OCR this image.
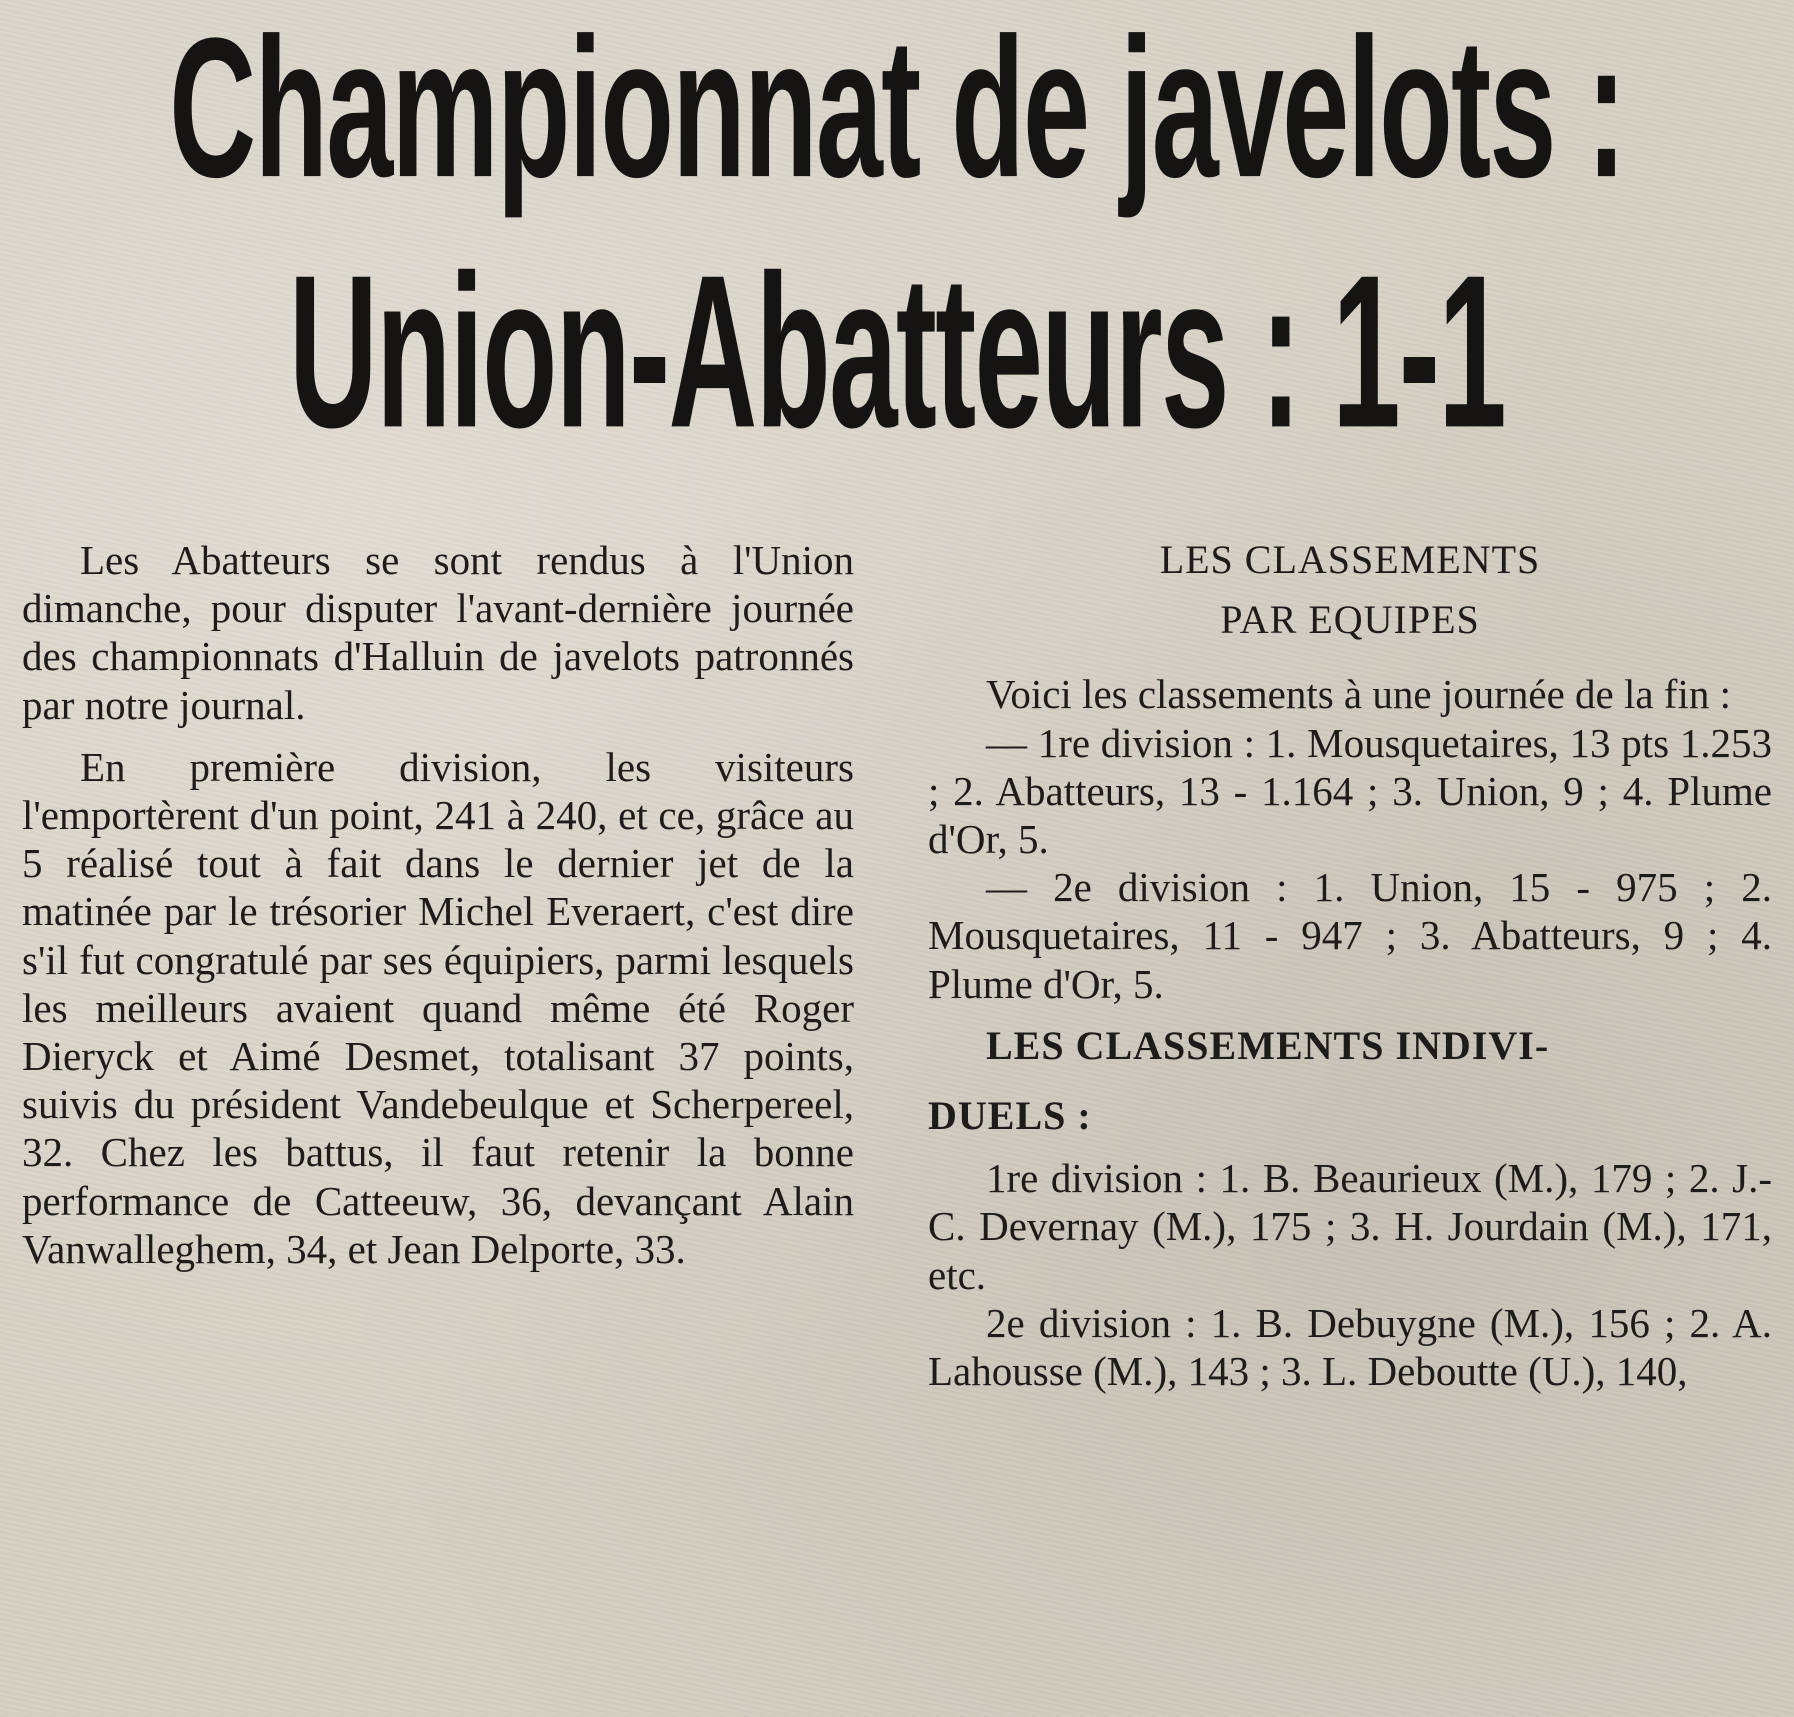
Championnat de javelots :
Union-Abatteurs : 1-1

Les Abatteurs se sont rendus à l'Union dimanche, pour disputer l'avant-dernière journée des championnats d'Halluin de javelots patronnés par notre journal.

En première division, les visiteurs l'emportèrent d'un point, 241 à 240, et ce, grâce au 5 réalisé tout à fait dans le dernier jet de la matinée par le trésorier Michel Everaert, c'est dire s'il fut congratulé par ses équipiers, parmi lesquels les meilleurs avaient quand même été Roger Dieryck et Aimé Desmet, totalisant 37 points, suivis du président Vandebeulque et Scherpereel, 32. Chez les battus, il faut retenir la bonne performance de Catteeuw, 36, devançant Alain Vanwalleghem, 34, et Jean Delporte, 33.

LES CLASSEMENTS

PAR EQUIPES

Voici les classements à une journée de la fin :

— 1re division : 1. Mousquetaires, 13 pts 1.253 ; 2. Abatteurs, 13 - 1.164 ; 3. Union, 9 ; 4. Plume d'Or, 5.

— 2e division : 1. Union, 15 - 975 ; 2. Mousquetaires, 11 - 947 ; 3. Abatteurs, 9 ; 4. Plume d'Or, 5.

LES CLASSEMENTS INDIVI-
DUELS :

1re division : 1. B. Beaurieux (M.), 179 ; 2. J.-C. Devernay (M.), 175 ; 3. H. Jourdain (M.), 171, etc.

2e division : 1. B. Debuygne (M.), 156 ; 2. A. Lahousse (M.), 143 ; 3. L. Deboutte (U.), 140,
